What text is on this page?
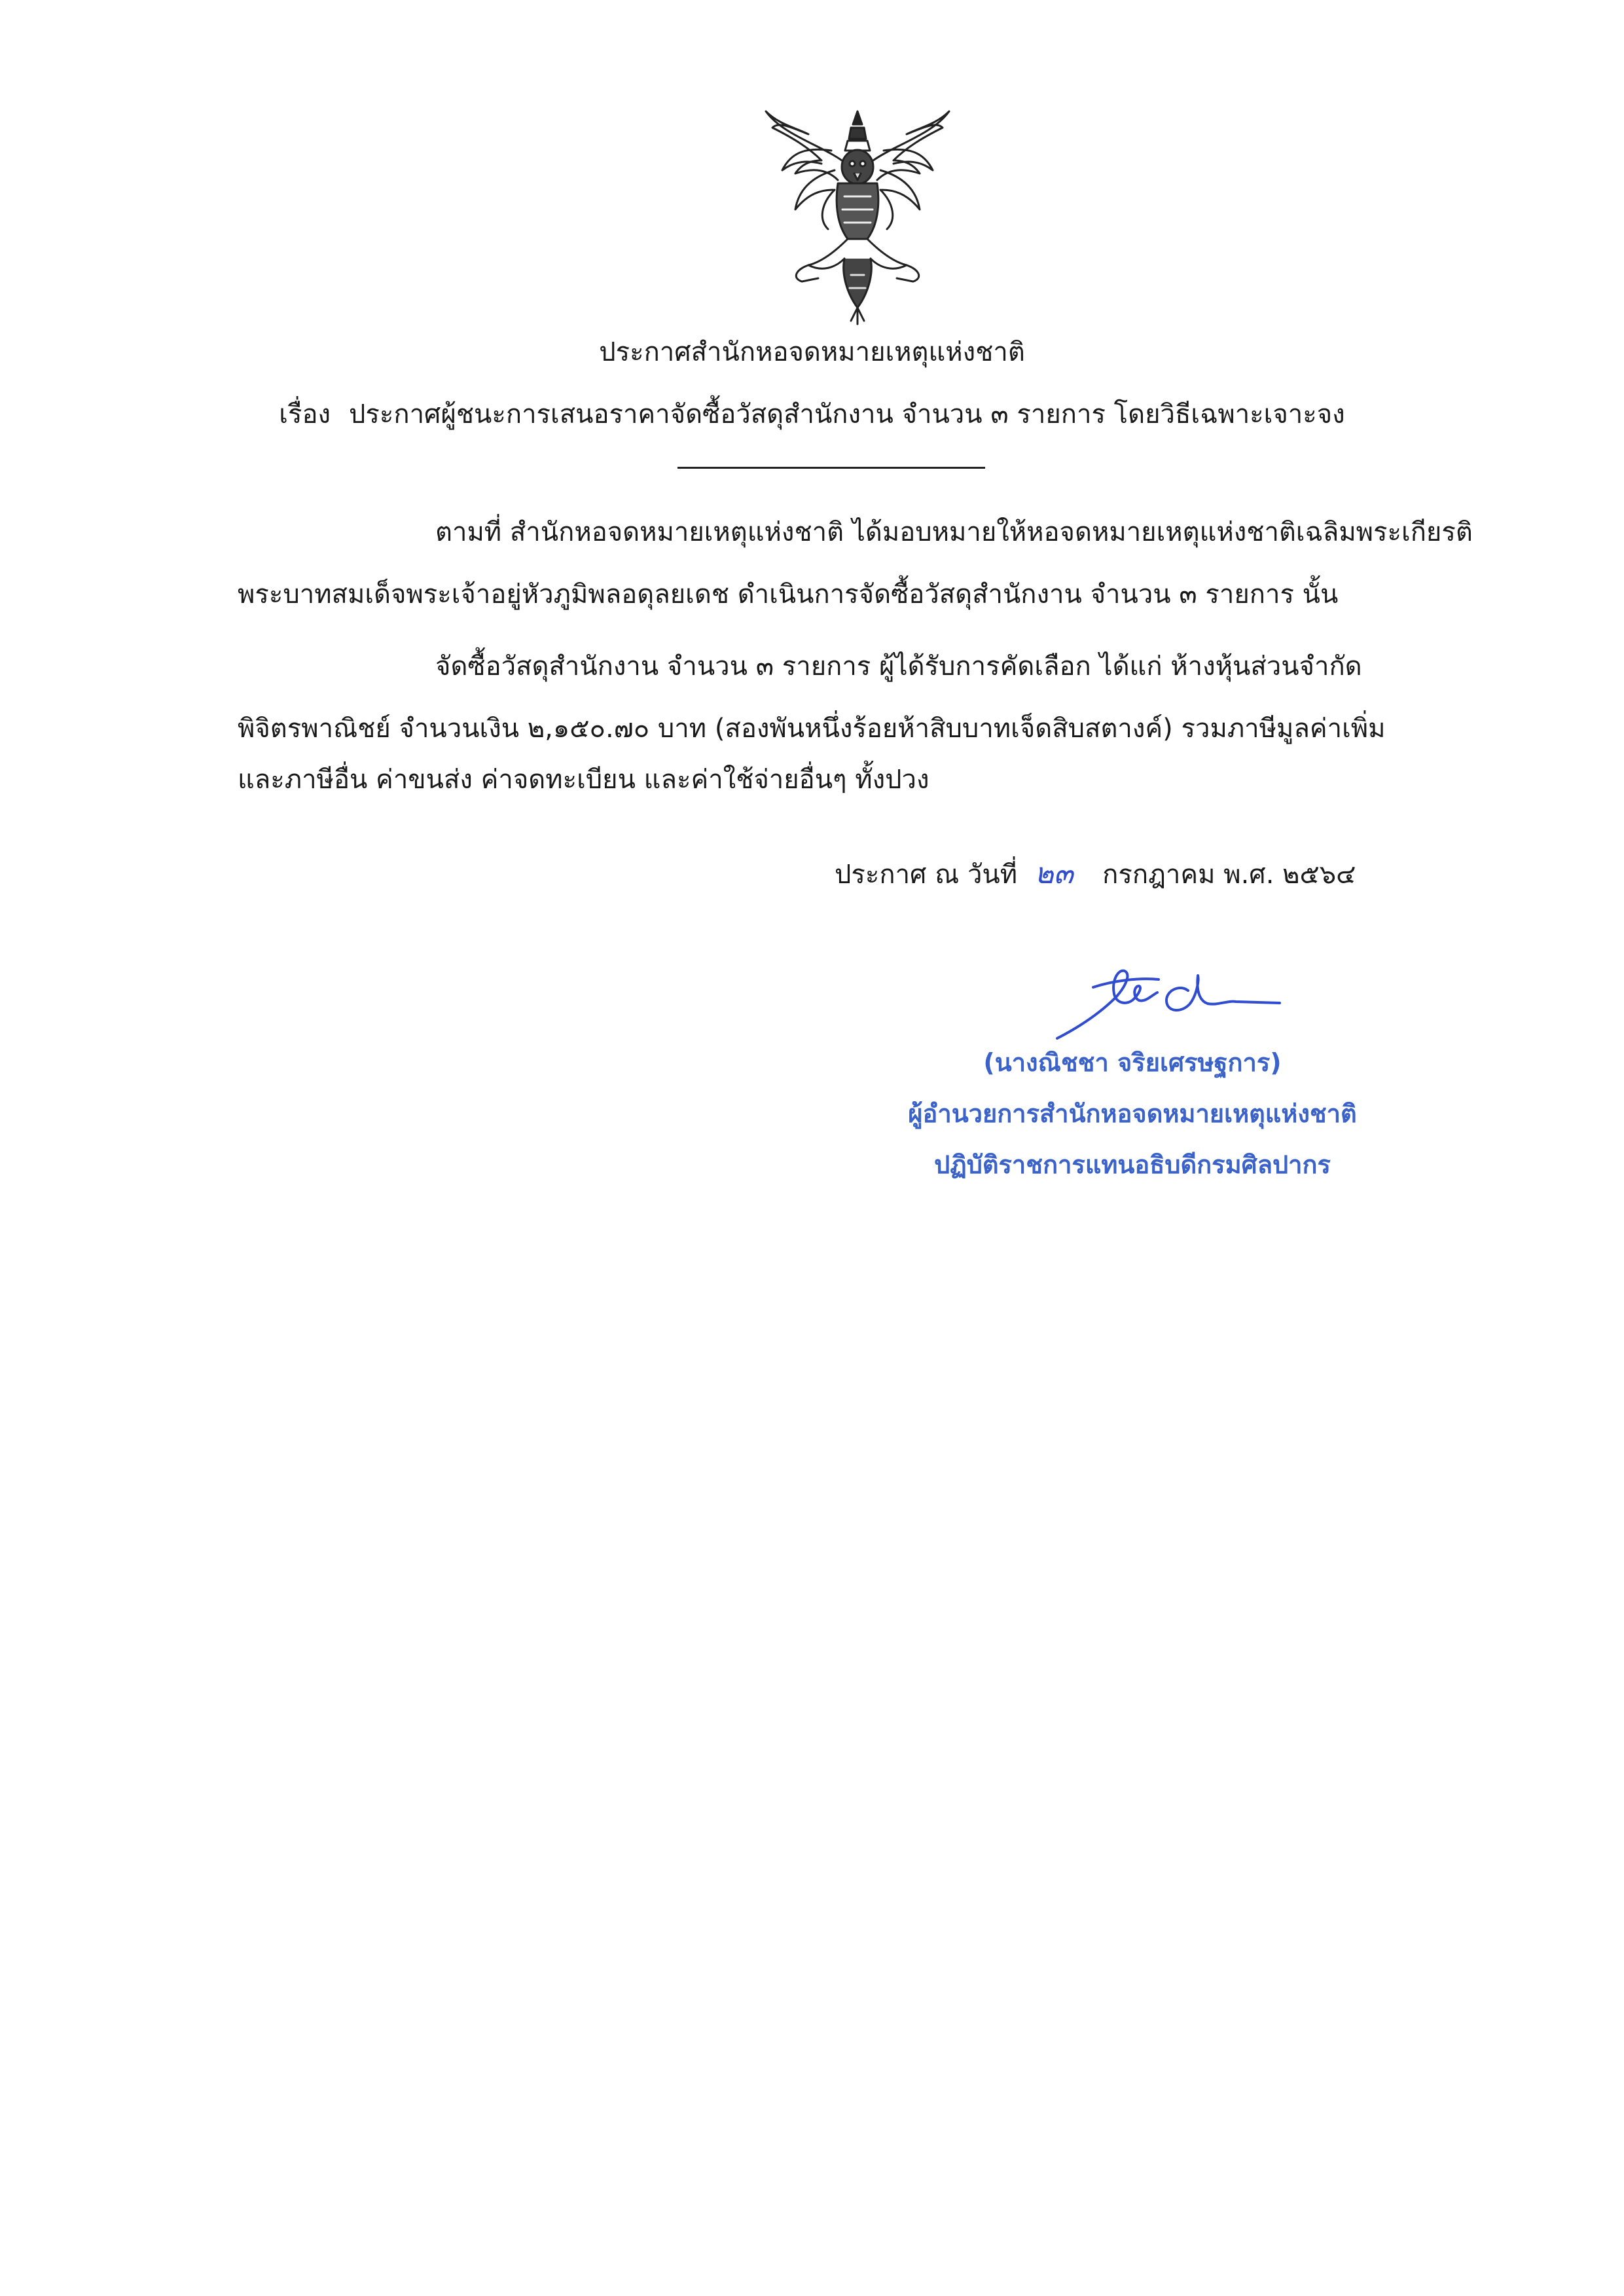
ประกาศสำนักหอจดหมายเหตุแห่งชาติ
เรื่อง ประกาศผู้ชนะการเสนอราคาจัดซื้อวัสดุสำนักงาน จำนวน ๓ รายการ โดยวิธีเฉพาะเจาะจง
ตามที่ สำนักหอจดหมายเหตุแห่งชาติ ได้มอบหมายให้หอจดหมายเหตุแห่งชาติเฉลิมพระเกียรติ
พระบาทสมเด็จพระเจ้าอยู่หัวภูมิพลอดุลยเดช ดำเนินการจัดซื้อวัสดุสำนักงาน จำนวน ๓ รายการ นั้น
จัดซื้อวัสดุสำนักงาน จำนวน ๓ รายการ ผู้ได้รับการคัดเลือก ได้แก่ ห้างหุ้นส่วนจำกัด
พิจิตรพาณิชย์ จำนวนเงิน ๒,๑๕๐.๗๐ บาท (สองพันหนึ่งร้อยห้าสิบบาทเจ็ดสิบสตางค์) รวมภาษีมูลค่าเพิ่ม
และภาษีอื่น ค่าขนส่ง ค่าจดทะเบียน และค่าใช้จ่ายอื่นๆ ทั้งปวง
ประกาศ ณ วันที่ ๒๓ กรกฎาคม พ.ศ. ๒๕๖๔
(นางณิชชา จริยเศรษฐการ)
ผู้อำนวยการสำนักหอจดหมายเหตุแห่งชาติ
ปฏิบัติราชการแทนอธิบดีกรมศิลปากร
